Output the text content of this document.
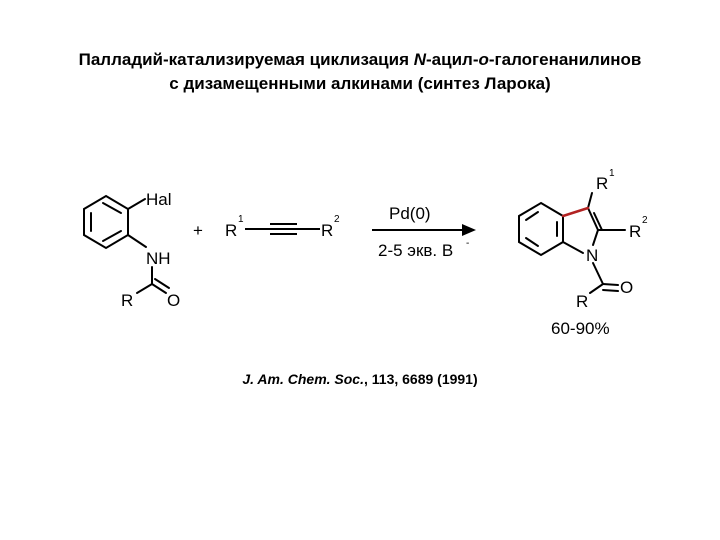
Палладий-катализируемая циклизация N-ацил-о-галогенанилинов
с дизамещенными алкинами (синтез Ларока)
Hal
NH
R O
+ R
1
R
2	Pd(0)
2-5 экв. B -
R
1
R
2
N
R
O
60-90%
J. Am. Chem. Soc., 113, 6689 (1991)
